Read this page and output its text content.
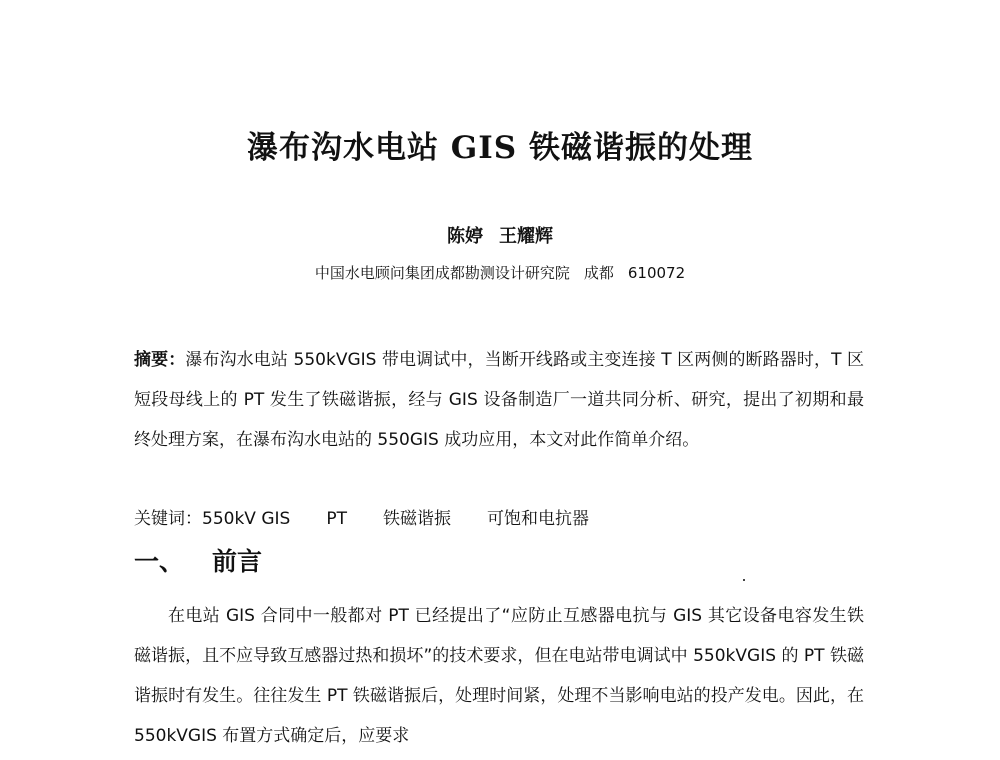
瀑布沟水电站 GIS 铁磁谐振的处理
陈婷 王耀辉
中国水电顾问集团成都勘测设计研究院 成都 610072
摘要：瀑布沟水电站 550kVGIS 带电调试中，当断开线路或主变连接 T 区两侧的断路器时，T 区短段母线上的 PT 发生了铁磁谐振，经与 GIS 设备制造厂一道共同分析、研究，提出了初期和最终处理方案，在瀑布沟水电站的 550GIS 成功应用，本文对此作简单介绍。
关键词：550kV GIS PT 铁磁谐振 可饱和电抗器
一、 前言
在电站 GIS 合同中一般都对 PT 已经提出了“应防止互感器电抗与 GIS 其它设备电容发生铁磁谐振，且不应导致互感器过热和损坏”的技术要求，但在电站带电调试中 550kVGIS 的 PT 铁磁谐振时有发生。往往发生 PT 铁磁谐振后，处理时间紧，处理不当影响电站的投产发电。因此，在 550kVGIS 布置方式确定后，应要求
